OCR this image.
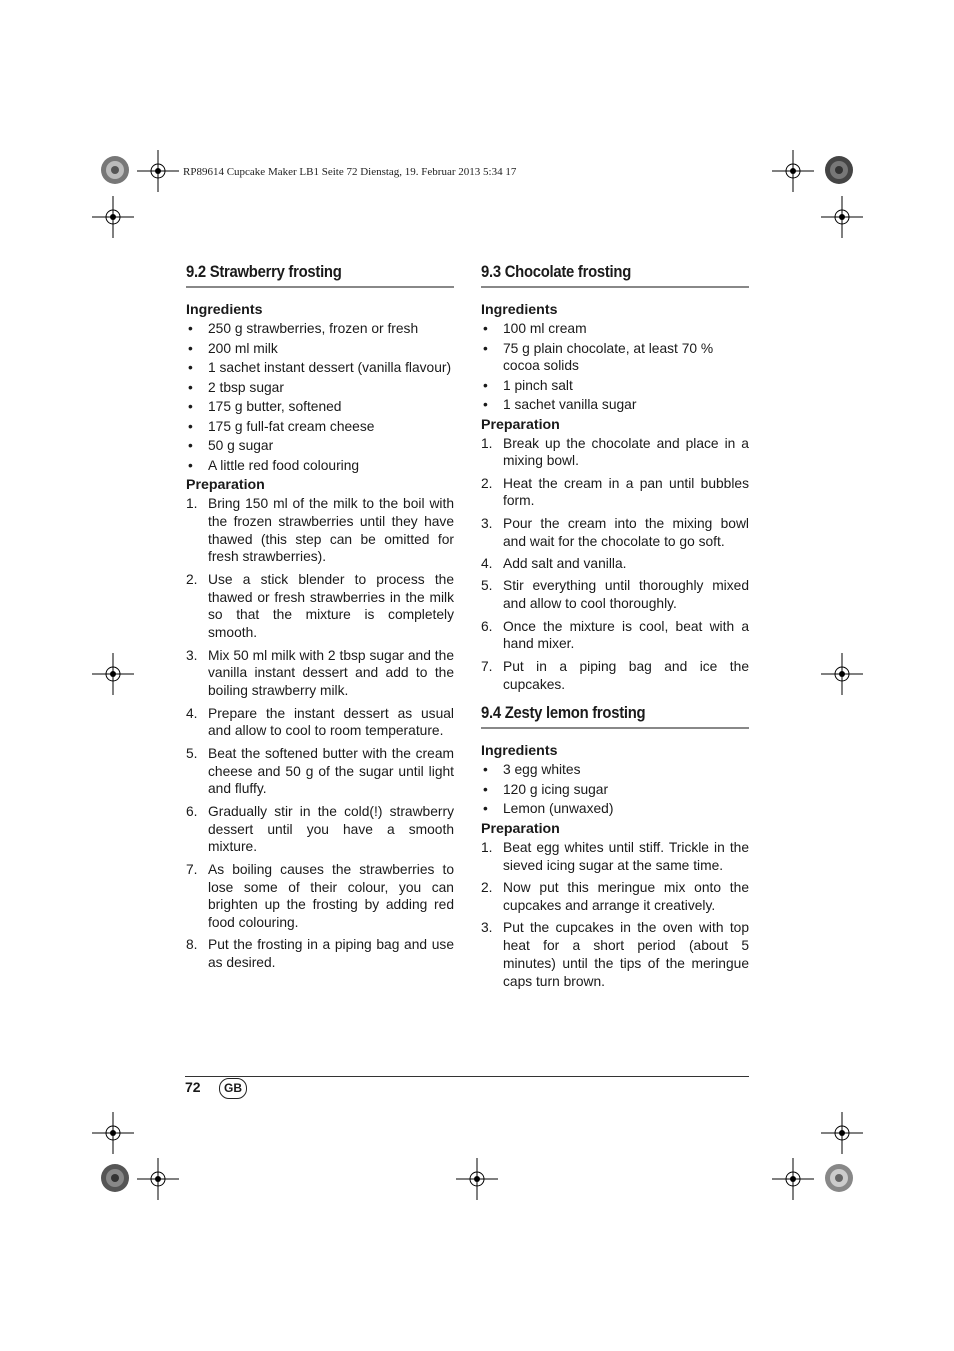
RP89614 Cupcake Maker LB1 Seite 72 Dienstag, 19. Februar 2013 5:34 17
9.2 Strawberry frosting
Ingredients
• 250 g strawberries, frozen or fresh
• 200 ml milk
• 1 sachet instant dessert (vanilla flavour)
• 2 tbsp sugar
• 175 g butter, softened
• 175 g full-fat cream cheese
• 50 g sugar
• A little red food colouring
Preparation
1. Bring 150 ml of the milk to the boil with the frozen strawberries until they have thawed (this step can be omitted for fresh strawberries).
2. Use a stick blender to process the thawed or fresh strawberries in the milk so that the mixture is completely smooth.
3. Mix 50 ml milk with 2 tbsp sugar and the vanilla instant dessert and add to the boiling strawberry milk.
4. Prepare the instant dessert as usual and allow to cool to room temperature.
5. Beat the softened butter with the cream cheese and 50 g of the sugar until light and fluffy.
6. Gradually stir in the cold(!) strawberry dessert until you have a smooth mixture.
7. As boiling causes the strawberries to lose some of their colour, you can brighten up the frosting by adding red food colouring.
8. Put the frosting in a piping bag and use as desired.
9.3 Chocolate frosting
Ingredients
• 100 ml cream
• 75 g plain chocolate, at least 70 % cocoa solids
• 1 pinch salt
• 1 sachet vanilla sugar
Preparation
1. Break up the chocolate and place in a mixing bowl.
2. Heat the cream in a pan until bubbles form.
3. Pour the cream into the mixing bowl and wait for the chocolate to go soft.
4. Add salt and vanilla.
5. Stir everything until thoroughly mixed and allow to cool thoroughly.
6. Once the mixture is cool, beat with a hand mixer.
7. Put in a piping bag and ice the cupcakes.
9.4 Zesty lemon frosting
Ingredients
• 3 egg whites
• 120 g icing sugar
• Lemon (unwaxed)
Preparation
1. Beat egg whites until stiff. Trickle in the sieved icing sugar at the same time.
2. Now put this meringue mix onto the cupcakes and arrange it creatively.
3. Put the cupcakes in the oven with top heat for a short period (about 5 minutes) until the tips of the meringue caps turn brown.
72	GB
